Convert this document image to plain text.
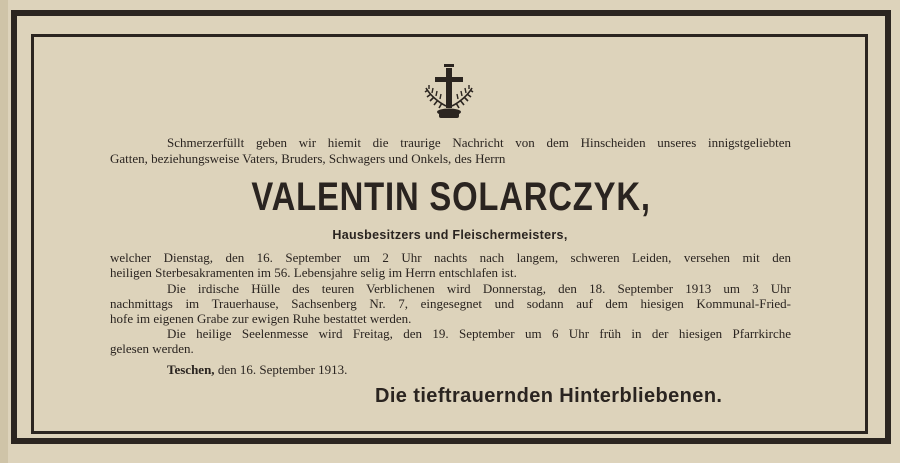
Schmerzerfüllt geben wir hiemit die traurige Nachricht von dem Hinscheiden unseres innigstgeliebten
Gatten, beziehungsweise Vaters, Bruders, Schwagers und Onkels, des Herrn
VALENTIN SOLARCZYK,
Hausbesitzers und Fleischermeisters,
welcher Dienstag, den 16. September um 2 Uhr nachts nach langem, schweren Leiden, versehen mit den
heiligen Sterbesakramenten im 56. Lebensjahre selig im Herrn entschlafen ist.
Die irdische Hülle des teuren Verblichenen wird Donnerstag, den 18. September 1913 um 3 Uhr
nachmittags im Trauerhause, Sachsenberg Nr. 7, eingesegnet und sodann auf dem hiesigen Kommunal-Fried-
hofe im eigenen Grabe zur ewigen Ruhe bestattet werden.
Die heilige Seelenmesse wird Freitag, den 19. September um 6 Uhr früh in der hiesigen Pfarrkirche
gelesen werden.
Teschen, den 16. September 1913.
Die tieftrauernden Hinterbliebenen.
